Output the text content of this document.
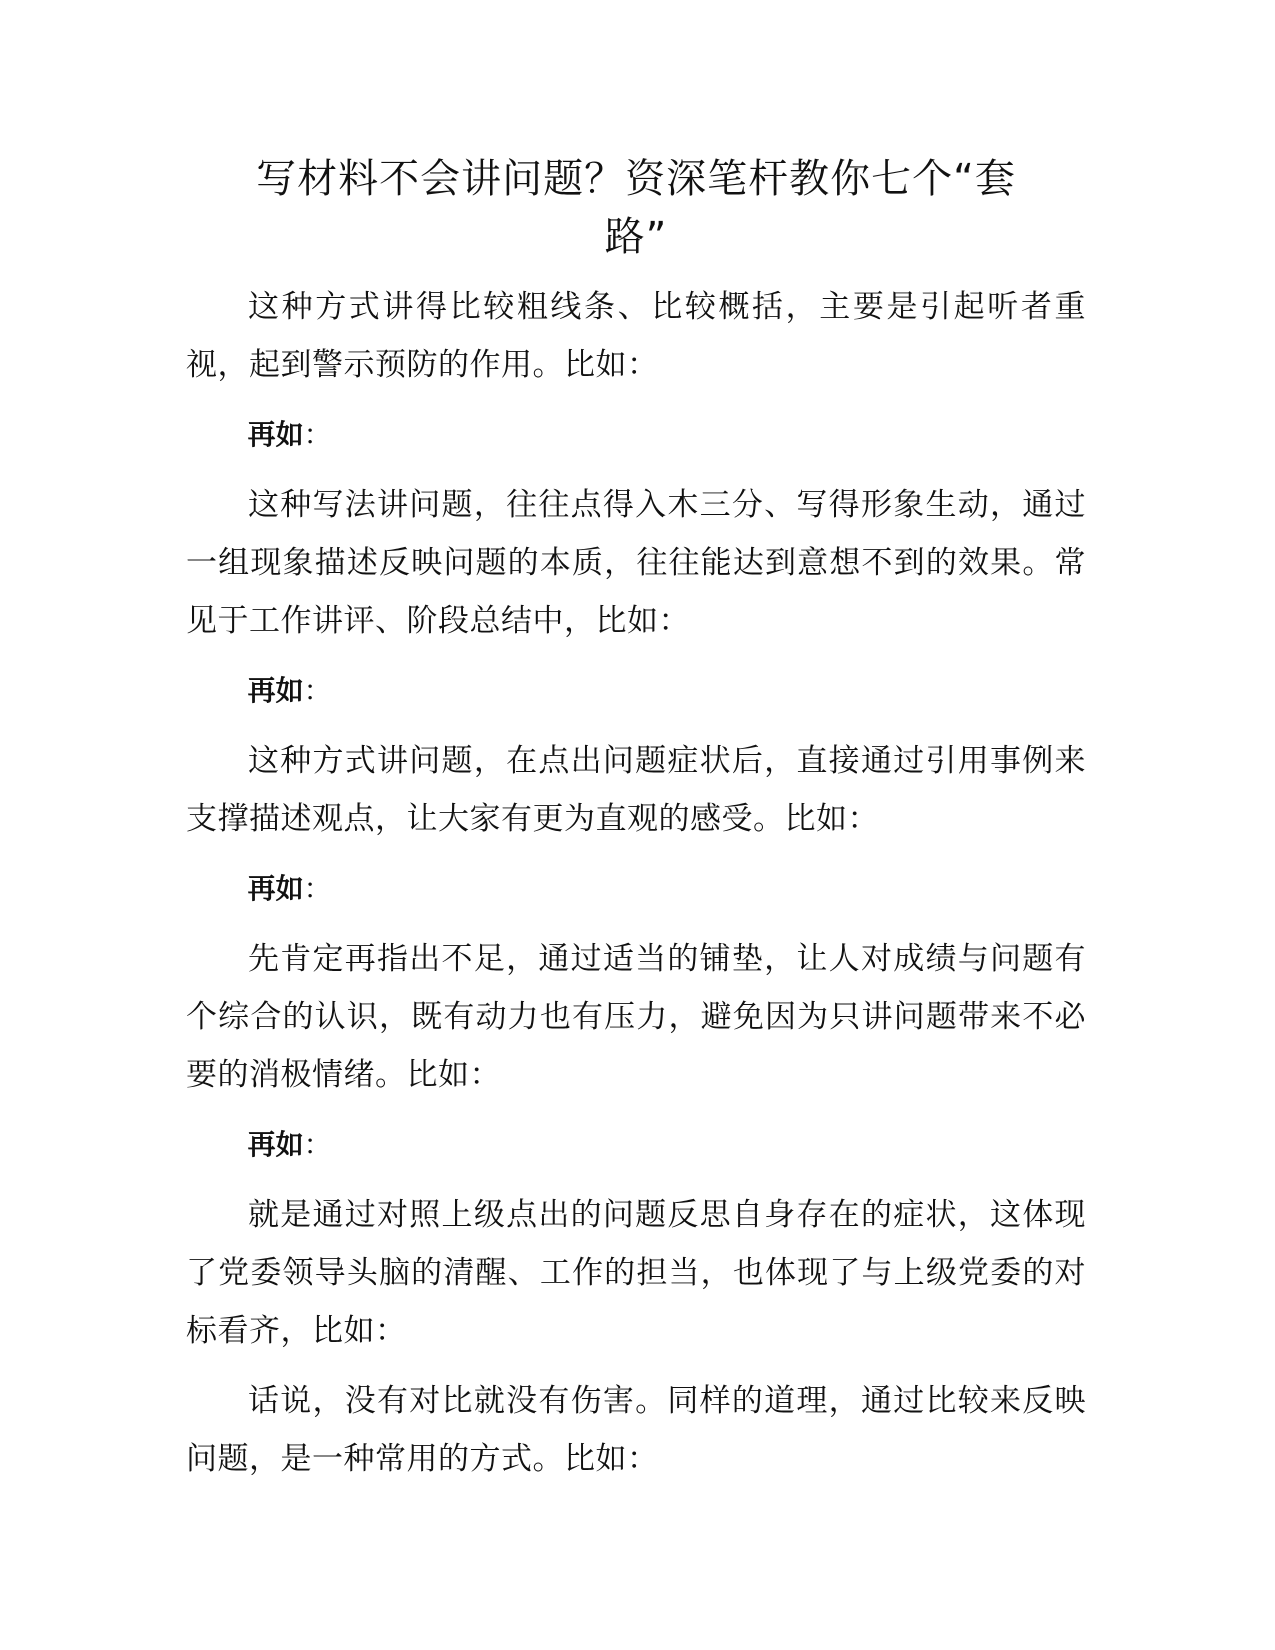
写材料不会讲问题？资深笔杆教你七个“套
路”

这种方式讲得比较粗线条、比较概括，主要是引起听者重视，起到警示预防的作用。比如：

再如：

这种写法讲问题，往往点得入木三分、写得形象生动，通过一组现象描述反映问题的本质，往往能达到意想不到的效果。常见于工作讲评、阶段总结中，比如：

再如：

这种方式讲问题，在点出问题症状后，直接通过引用事例来支撑描述观点，让大家有更为直观的感受。比如：

再如：

先肯定再指出不足，通过适当的铺垫，让人对成绩与问题有个综合的认识，既有动力也有压力，避免因为只讲问题带来不必要的消极情绪。比如：

再如：

就是通过对照上级点出的问题反思自身存在的症状，这体现了党委领导头脑的清醒、工作的担当，也体现了与上级党委的对标看齐，比如：

话说，没有对比就没有伤害。同样的道理，通过比较来反映问题，是一种常用的方式。比如：
